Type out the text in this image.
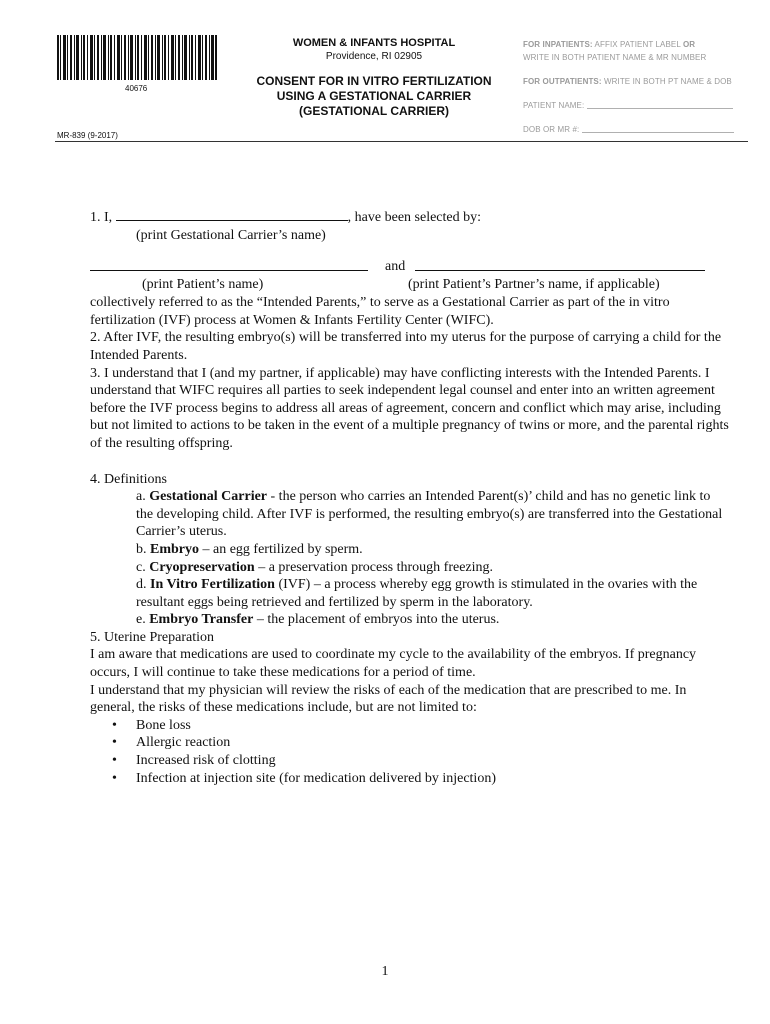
40676
MR-839 (9-2017)
WOMEN & INFANTS HOSPITAL
Providence, RI 02905
CONSENT FOR IN VITRO FERTILIZATION
USING A GESTATIONAL CARRIER
(GESTATIONAL CARRIER)
FOR INPATIENTS: AFFIX PATIENT LABEL OR
WRITE IN BOTH PATIENT NAME & MR NUMBER
FOR OUTPATIENTS: WRITE IN BOTH PT NAME & DOB
PATIENT NAME:
DOB OR MR #:

1. I,	, have been selected by:

(print Gestational Carrier’s name)

and
(print Patient’s name)	(print Patient’s Partner’s name, if applicable)

collectively referred to as the “Intended Parents,” to serve as a Gestational Carrier as part of the in vitro fertilization (IVF) process at Women & Infants Fertility Center (WIFC).

2. After IVF, the resulting embryo(s) will be transferred into my uterus for the purpose of carrying a child for the Intended Parents.

3. I understand that I (and my partner, if applicable) may have conflicting interests with the Intended Parents. I understand that WIFC requires all parties to seek independent legal counsel and enter into an written agreement before the IVF process begins to address all areas of agreement, concern and conflict which may arise, including but not limited to actions to be taken in the event of a multiple pregnancy of twins or more, and the parental rights of the resulting offspring.

4. Definitions

a. Gestational Carrier - the person who carries an Intended Parent(s)’ child and has no genetic link to the developing child. After IVF is performed, the resulting embryo(s) are transferred into the Gestational Carrier’s uterus.

b. Embryo – an egg fertilized by sperm.

c. Cryopreservation – a preservation process through freezing.

d. In Vitro Fertilization (IVF) – a process whereby egg growth is stimulated in the ovaries with the resultant eggs being retrieved and fertilized by sperm in the laboratory.

e. Embryo Transfer – the placement of embryos into the uterus.

5. Uterine Preparation

I am aware that medications are used to coordinate my cycle to the availability of the embryos. If pregnancy occurs, I will continue to take these medications for a period of time.

I understand that my physician will review the risks of each of the medication that are prescribed to me. In general, the risks of these medications include, but are not limited to:

• Bone loss
• Allergic reaction
• Increased risk of clotting
• Infection at injection site (for medication delivered by injection)
1
